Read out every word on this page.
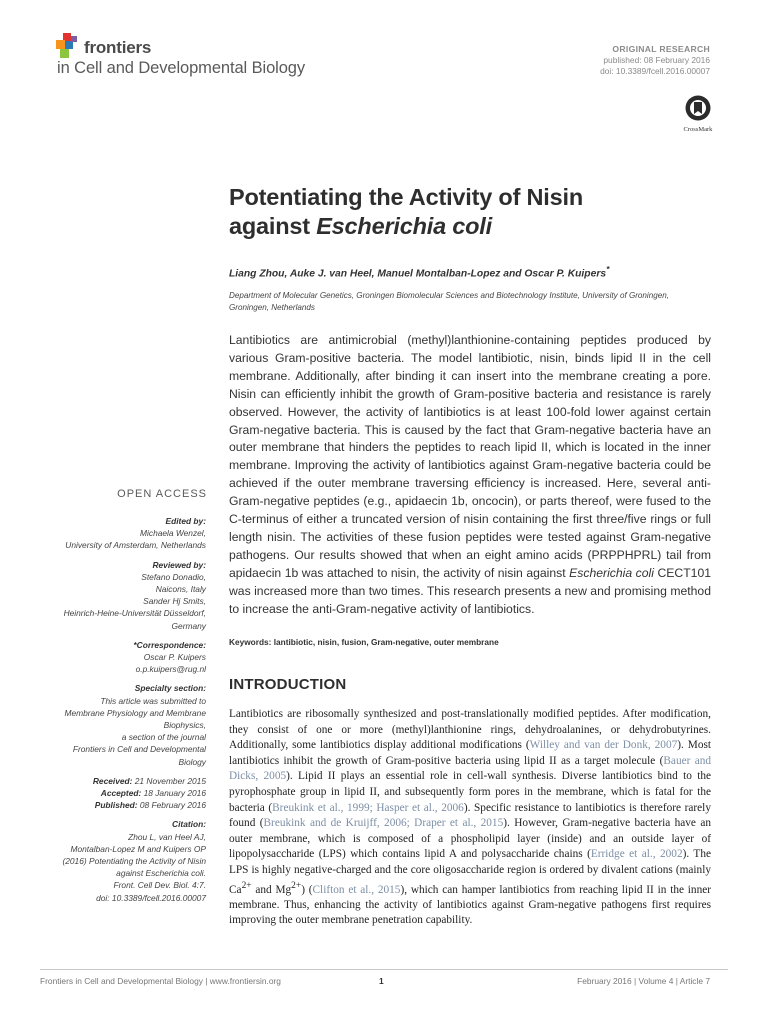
frontiers
in Cell and Developmental Biology
ORIGINAL RESEARCH
published: 08 February 2016
doi: 10.3389/fcell.2016.00007
CrossMark
Potentiating the Activity of Nisin
against Escherichia coli
Liang Zhou, Auke J. van Heel, Manuel Montalban-Lopez and Oscar P. Kuipers*
Department of Molecular Genetics, Groningen Biomolecular Sciences and Biotechnology Institute, University of Groningen, Groningen, Netherlands
Lantibiotics are antimicrobial (methyl)lanthionine-containing peptides produced by various Gram-positive bacteria. The model lantibiotic, nisin, binds lipid II in the cell membrane. Additionally, after binding it can insert into the membrane creating a pore. Nisin can efficiently inhibit the growth of Gram-positive bacteria and resistance is rarely observed. However, the activity of lantibiotics is at least 100-fold lower against certain Gram-negative bacteria. This is caused by the fact that Gram-negative bacteria have an outer membrane that hinders the peptides to reach lipid II, which is located in the inner membrane. Improving the activity of lantibiotics against Gram-negative bacteria could be achieved if the outer membrane traversing efficiency is increased. Here, several anti-Gram-negative peptides (e.g., apidaecin 1b, oncocin), or parts thereof, were fused to the C-terminus of either a truncated version of nisin containing the first three/five rings or full length nisin. The activities of these fusion peptides were tested against Gram-negative pathogens. Our results showed that when an eight amino acids (PRPPHPRL) tail from apidaecin 1b was attached to nisin, the activity of nisin against Escherichia coli CECT101 was increased more than two times. This research presents a new and promising method to increase the anti-Gram-negative activity of lantibiotics.
Keywords: lantibiotic, nisin, fusion, Gram-negative, outer membrane
INTRODUCTION
Lantibiotics are ribosomally synthesized and post-translationally modified peptides. After modification, they consist of one or more (methyl)lanthionine rings, dehydroalanines, or dehydrobutyrines. Additionally, some lantibiotics display additional modifications (Willey and van der Donk, 2007). Most lantibiotics inhibit the growth of Gram-positive bacteria using lipid II as a target molecule (Bauer and Dicks, 2005). Lipid II plays an essential role in cell-wall synthesis. Diverse lantibiotics bind to the pyrophosphate group in lipid II, and subsequently form pores in the membrane, which is fatal for the bacteria (Breukink et al., 1999; Hasper et al., 2006). Specific resistance to lantibiotics is therefore rarely found (Breukink and de Kruijff, 2006; Draper et al., 2015). However, Gram-negative bacteria have an outer membrane, which is composed of a phospholipid layer (inside) and an outside layer of lipopolysaccharide (LPS) which contains lipid A and polysaccharide chains (Erridge et al., 2002). The LPS is highly negative-charged and the core oligosaccharide region is ordered by divalent cations (mainly $Ca^{2+}$ and $Mg^{2+}$) (Clifton et al., 2015), which can hamper lantibiotics from reaching lipid II in the inner membrane. Thus, enhancing the activity of lantibiotics against Gram-negative pathogens first requires improving the outer membrane penetration capability.
OPEN ACCESS
Edited by:
Michaela Wenzel,
University of Amsterdam, Netherlands
Reviewed by:
Stefano Donadio,
Naicons, Italy
Sander Hj Smits,
Heinrich-Heine-Universität Düsseldorf,
Germany
*Correspondence:
Oscar P. Kuipers
o.p.kuipers@rug.nl
Specialty section:
This article was submitted to
Membrane Physiology and Membrane
Biophysics,
a section of the journal
Frontiers in Cell and Developmental
Biology
Received: 21 November 2015
Accepted: 18 January 2016
Published: 08 February 2016
Citation:
Zhou L, van Heel AJ,
Montalban-Lopez M and Kuipers OP
(2016) Potentiating the Activity of Nisin
against Escherichia coli.
Front. Cell Dev. Biol. 4:7.
doi: 10.3389/fcell.2016.00007
Frontiers in Cell and Developmental Biology | www.frontiersin.org	1	February 2016 | Volume 4 | Article 7
